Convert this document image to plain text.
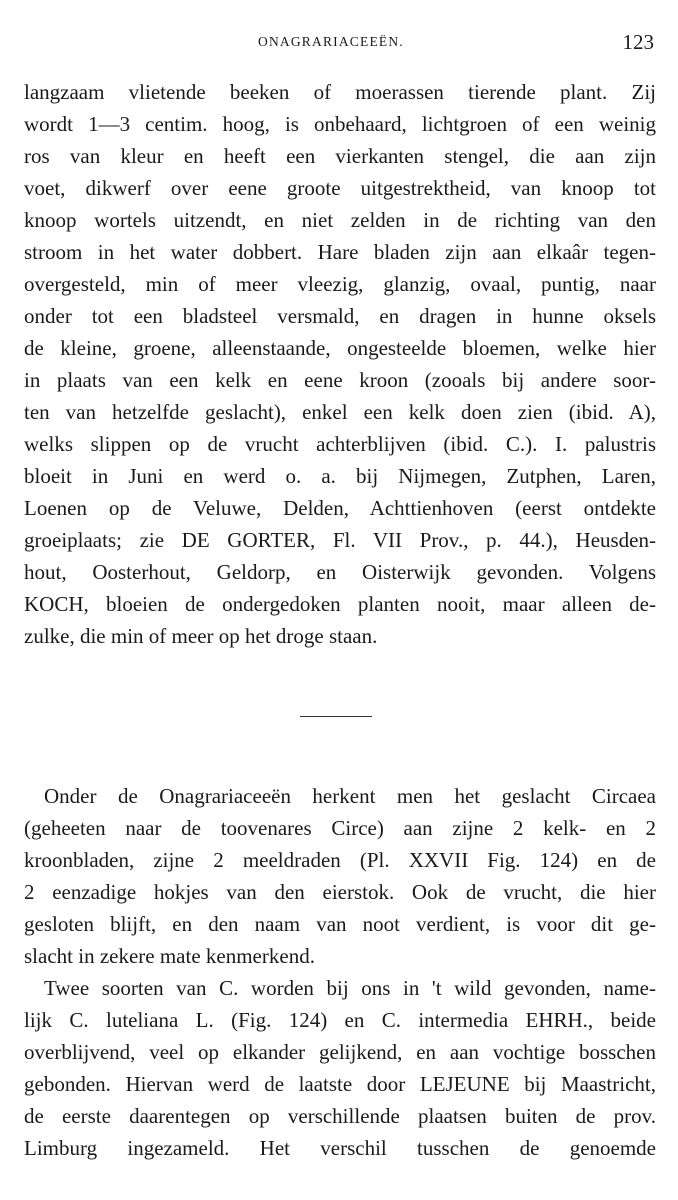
ONAGRARIACEEËN.	123
langzaam vlietende beeken of moerassen tierende plant. Zij
wordt 1—3 centim. hoog, is onbehaard, lichtgroen of een weinig
ros van kleur en heeft een vierkanten stengel, die aan zijn
voet, dikwerf over eene groote uitgestrektheid, van knoop tot
knoop wortels uitzendt, en niet zelden in de richting van den
stroom in het water dobbert. Hare bladen zijn aan elkaâr tegen-
overgesteld, min of meer vleezig, glanzig, ovaal, puntig, naar
onder tot een bladsteel versmald, en dragen in hunne oksels
de kleine, groene, alleenstaande, ongesteelde bloemen, welke hier
in plaats van een kelk en eene kroon (zooals bij andere soor-
ten van hetzelfde geslacht), enkel een kelk doen zien (ibid. A),
welks slippen op de vrucht achterblijven (ibid. C.). I. palustris
bloeit in Juni en werd o. a. bij Nijmegen, Zutphen, Laren,
Loenen op de Veluwe, Delden, Achttienhoven (eerst ontdekte
groeiplaats; zie DE GORTER, Fl. VII Prov., p. 44.), Heusden-
hout, Oosterhout, Geldorp, en Oisterwijk gevonden. Volgens
KOCH, bloeien de ondergedoken planten nooit, maar alleen de-
zulke, die min of meer op het droge staan.
Onder de Onagrariaceeën herkent men het geslacht Circaea
(geheeten naar de toovenares Circe) aan zijne 2 kelk- en 2
kroonbladen, zijne 2 meeldraden (Pl. XXVII Fig. 124) en de
2 eenzadige hokjes van den eierstok. Ook de vrucht, die hier
gesloten blijft, en den naam van noot verdient, is voor dit ge-
slacht in zekere mate kenmerkend.
Twee soorten van C. worden bij ons in 't wild gevonden, name-
lijk C. luteliana L. (Fig. 124) en C. intermedia EHRH., beide
overblijvend, veel op elkander gelijkend, en aan vochtige bosschen
gebonden. Hiervan werd de laatste door LEJEUNE bij Maastricht,
de eerste daarentegen op verschillende plaatsen buiten de prov.
Limburg ingezameld. Het verschil tusschen de genoemde
